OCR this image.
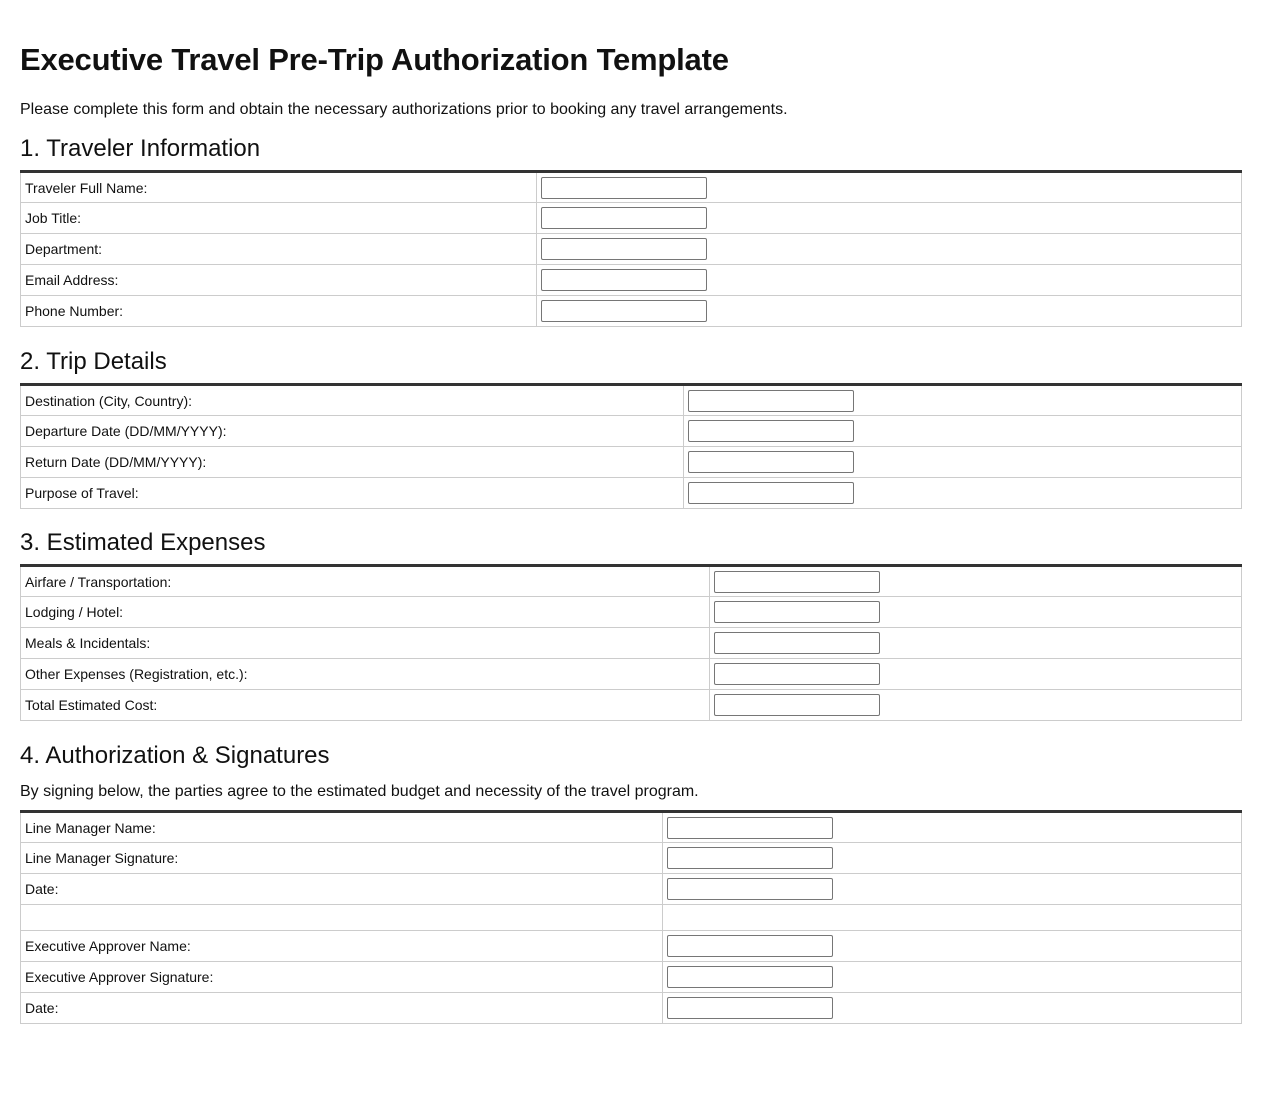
Executive Travel Pre-Trip Authorization Template

Please complete this form and obtain the necessary authorizations prior to booking any travel arrangements.

1. Traveler Information
Traveler Full Name:	

Job Title:	

Department:	

Email Address:	

Phone Number:	
2. Trip Details
Destination (City, Country):	

Departure Date (DD/MM/YYYY):	

Return Date (DD/MM/YYYY):	

Purpose of Travel:	
3. Estimated Expenses
Airfare / Transportation:	

Lodging / Hotel:	

Meals & Incidentals:	

Other Expenses (Registration, etc.):	

Total Estimated Cost:	
4. Authorization & Signatures

By signing below, the parties agree to the estimated budget and necessity of the travel program.

Line Manager Name:	

Line Manager Signature:	

Date:	

Executive Approver Name:	

Executive Approver Signature:	

Date:	
